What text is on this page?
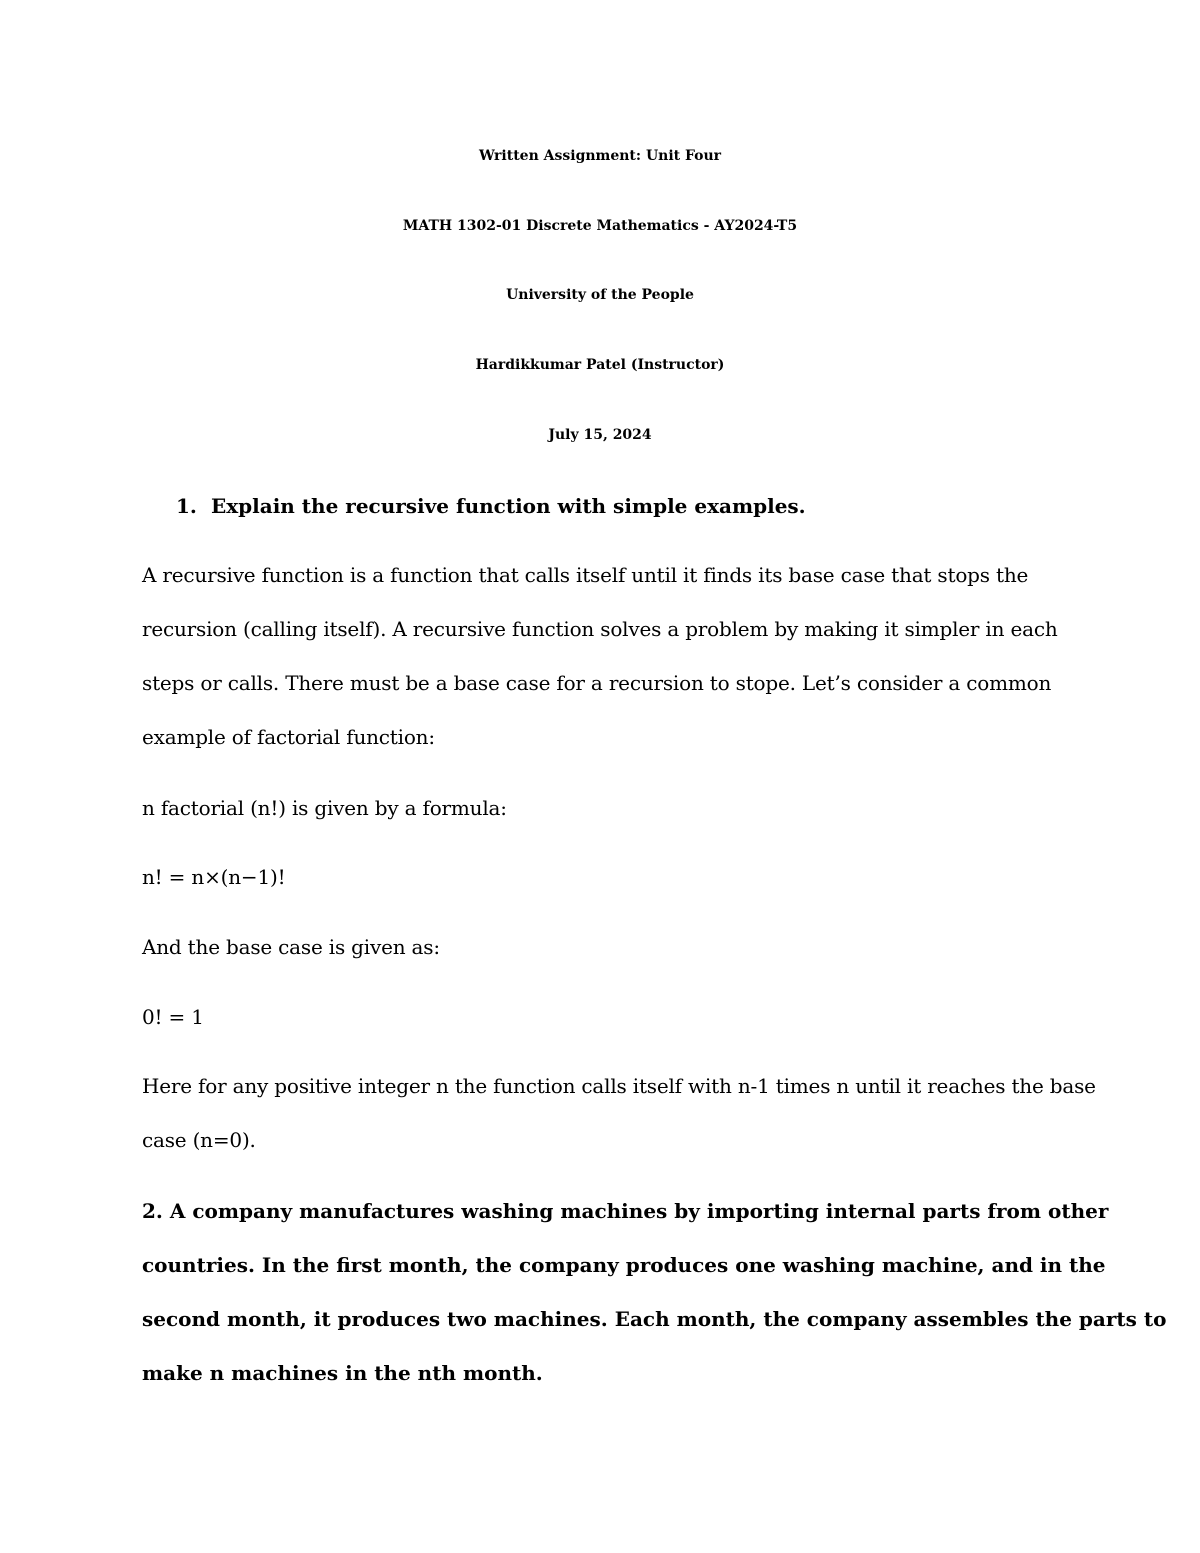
Written Assignment: Unit Four

MATH 1302-01 Discrete Mathematics - AY2024-T5

University of the People

Hardikkumar Patel (Instructor)

July 15, 2024

1. Explain the recursive function with simple examples.

A recursive function is a function that calls itself until it finds its base case that stops the

recursion (calling itself). A recursive function solves a problem by making it simpler in each

steps or calls. There must be a base case for a recursion to stope. Let’s consider a common

example of factorial function:

n factorial (n!) is given by a formula:

n! = n×(n−1)!

And the base case is given as:

0! = 1

Here for any positive integer n the function calls itself with n-1 times n until it reaches the base

case (n=0).

2. A company manufactures washing machines by importing internal parts from other

countries. In the first month, the company produces one washing machine, and in the

second month, it produces two machines. Each month, the company assembles the parts to

make n machines in the nth month.
